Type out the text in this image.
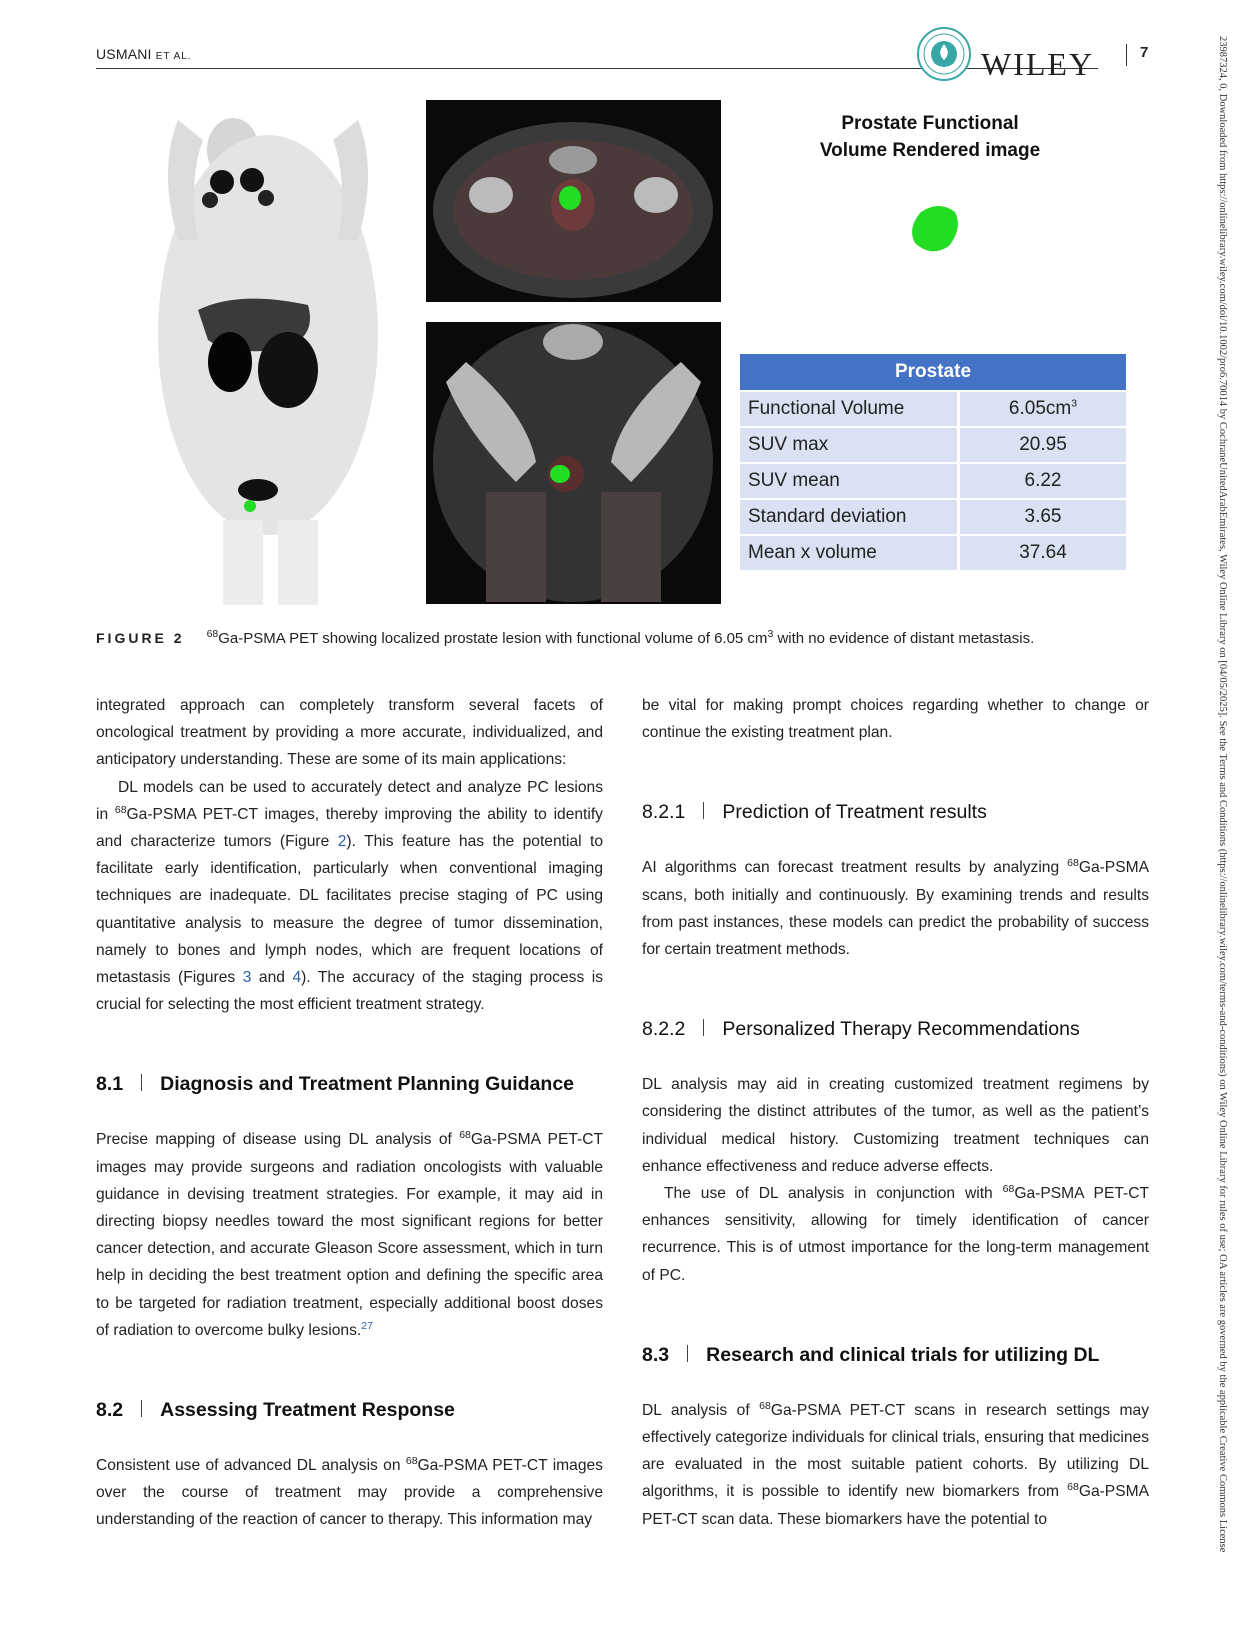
USMANI ET AL.	WILEY	7	23987324, 0, Downloaded from https://onlinelibrary.wiley.com/doi/10.1002/pro6.70014 by CochraneUnitedArabEmirates, Wiley Online Library on [04/05/2025]. See the Terms and Conditions (https://onlinelibrary.wiley.com/terms-and-conditions) on Wiley Online Library for rules of use; OA articles are governed by the applicable Creative Commons License
Prostate Functional
Volume Rendered image
Prostate	
Functional Volume	$6.05cm^3$
SUV max	20.95
SUV mean	6.22
Standard deviation	3.65
Mean x volume	37.64
FIGURE 2 $^{68}$Ga-PSMA PET showing localized prostate lesion with functional volume of 6.05 $cm^3$ with no evidence of distant metastasis.

integrated approach can completely transform several facets of oncological treatment by providing a more accurate, individualized, and anticipatory understanding. These are some of its main applications:

DL models can be used to accurately detect and analyze PC lesions in $^{68}$Ga-PSMA PET-CT images, thereby improving the ability to identify and characterize tumors (Figure 2). This feature has the potential to facilitate early identification, particularly when conventional imaging techniques are inadequate. DL facilitates precise staging of PC using quantitative analysis to measure the degree of tumor dissemination, namely to bones and lymph nodes, which are frequent locations of metastasis (Figures 3 and 4). The accuracy of the staging process is crucial for selecting the most efficient treatment strategy.

8.1 Diagnosis and Treatment Planning Guidance

Precise mapping of disease using DL analysis of $^{68}$Ga-PSMA PET-CT images may provide surgeons and radiation oncologists with valuable guidance in devising treatment strategies. For example, it may aid in directing biopsy needles toward the most significant regions for better cancer detection, and accurate Gleason Score assessment, which in turn help in deciding the best treatment option and defining the specific area to be targeted for radiation treatment, especially additional boost doses of radiation to overcome bulky lesions.$^{27}$

8.2 Assessing Treatment Response

Consistent use of advanced DL analysis on $^{68}$Ga-PSMA PET-CT images over the course of treatment may provide a comprehensive understanding of the reaction of cancer to therapy. This information may

be vital for making prompt choices regarding whether to change or continue the existing treatment plan.

8.2.1 Prediction of Treatment results

AI algorithms can forecast treatment results by analyzing $^{68}$Ga-PSMA scans, both initially and continuously. By examining trends and results from past instances, these models can predict the probability of success for certain treatment methods.

8.2.2 Personalized Therapy Recommendations

DL analysis may aid in creating customized treatment regimens by considering the distinct attributes of the tumor, as well as the patient’s individual medical history. Customizing treatment techniques can enhance effectiveness and reduce adverse effects.

The use of DL analysis in conjunction with $^{68}$Ga-PSMA PET-CT enhances sensitivity, allowing for timely identification of cancer recurrence. This is of utmost importance for the long-term management of PC.

8.3 Research and clinical trials for utilizing DL

DL analysis of $^{68}$Ga-PSMA PET-CT scans in research settings may effectively categorize individuals for clinical trials, ensuring that medicines are evaluated in the most suitable patient cohorts. By utilizing DL algorithms, it is possible to identify new biomarkers from $^{68}$Ga-PSMA PET-CT scan data. These biomarkers have the potential to
